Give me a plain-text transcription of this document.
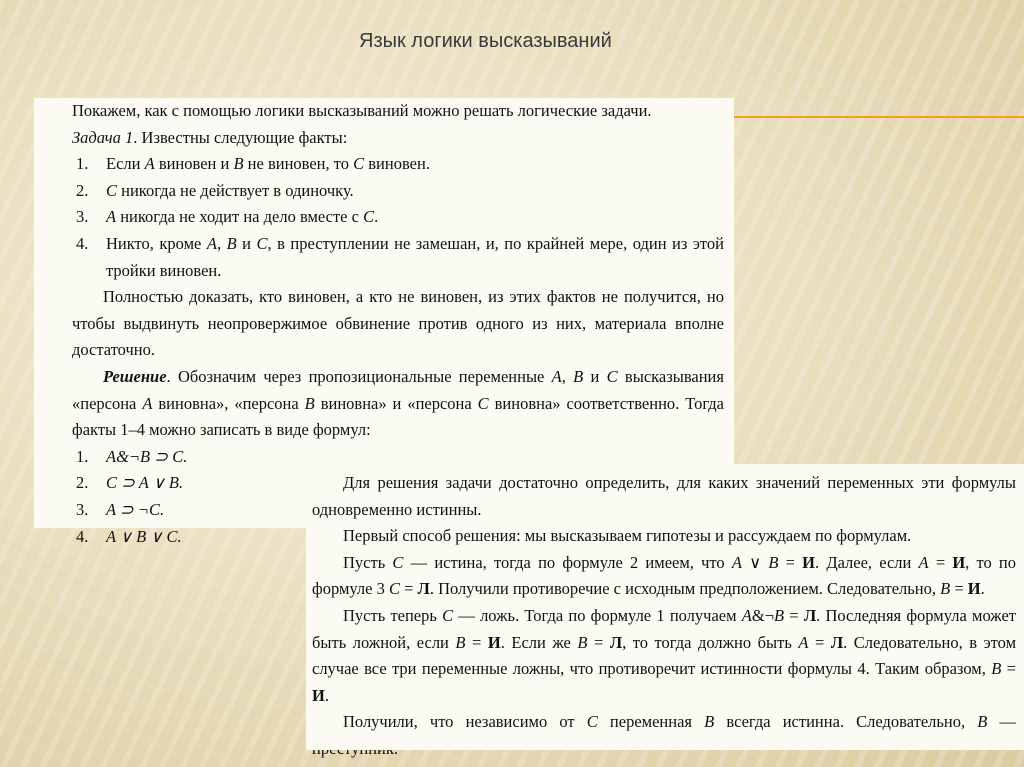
Язык логики высказываний

Покажем, как с помощью логики высказываний можно решать логические задачи.

Задача 1. Известны следующие факты:

1. Если A виновен и B не виновен, то C виновен.
2. C никогда не действует в одиночку.
3. A никогда не ходит на дело вместе с C.
4. Никто, кроме A, B и C, в преступлении не замешан, и, по крайней мере, один из этой тройки виновен.

Полностью доказать, кто виновен, а кто не виновен, из этих фактов не получится, но чтобы выдвинуть неопровержимое обвинение против одного из них, материала вполне достаточно.

Решение. Обозначим через пропозициональные переменные A, B и C высказывания «персона A виновна», «персона B виновна» и «персона C виновна» соответственно. Тогда факты 1–4 можно записать в виде формул:

1. A&¬B ⊃ C.
2. C ⊃ A ∨ B.
3. A ⊃ ¬C.
4. A ∨ B ∨ C.

Для решения задачи достаточно определить, для каких значений переменных эти формулы одновременно истинны.

Первый способ решения: мы высказываем гипотезы и рассуждаем по формулам.

Пусть C — истина, тогда по формуле 2 имеем, что A ∨ B = И. Далее, если A = И, то по формуле 3 C = Л. Получили противоречие с исходным предположением. Следовательно, B = И.

Пусть теперь C — ложь. Тогда по формуле 1 получаем A&¬B = Л. Последняя формула может быть ложной, если B = И. Если же B = Л, то тогда должно быть A = Л. Следовательно, в этом случае все три переменные ложны, что противоречит истинности формулы 4. Таким образом, B = И.

Получили, что независимо от C переменная B всегда истинна. Следовательно, B —
